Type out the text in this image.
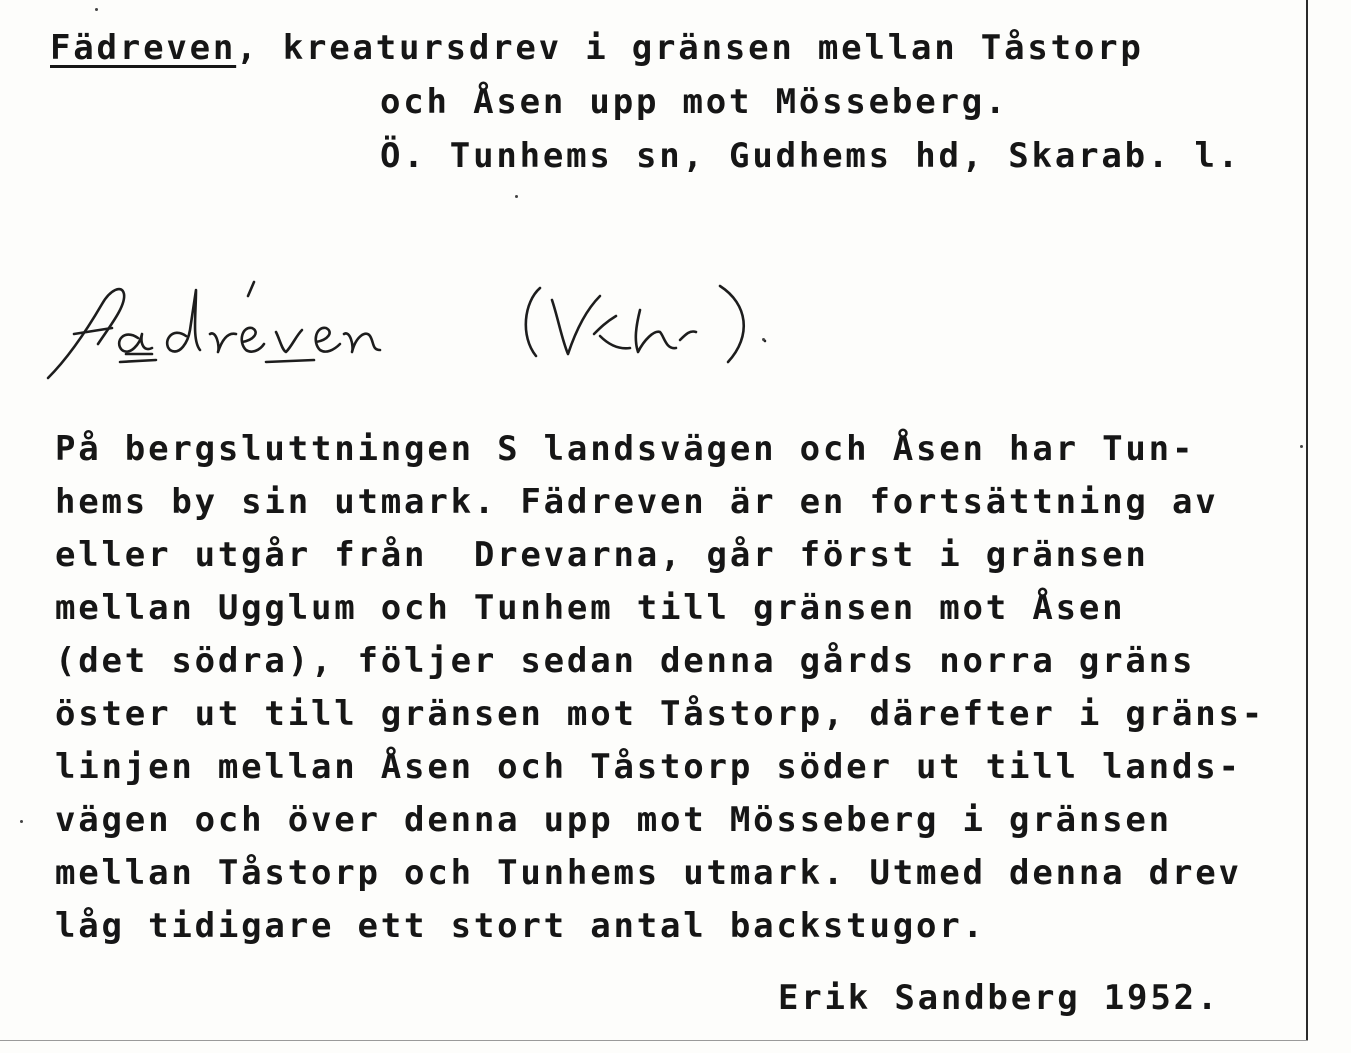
Fädreven, kreatursdrev i gränsen mellan Tåstorp
och Åsen upp mot Mösseberg.
Ö. Tunhems sn, Gudhems hd, Skarab. l.
På bergsluttningen S landsvägen och Åsen har Tun-
hems by sin utmark. Fädreven är en fortsättning av
eller utgår från  Drevarna, går först i gränsen
mellan Ugglum och Tunhem till gränsen mot Åsen
(det södra), följer sedan denna gårds norra gräns
öster ut till gränsen mot Tåstorp, därefter i gräns-
linjen mellan Åsen och Tåstorp söder ut till lands-
vägen och över denna upp mot Mösseberg i gränsen
mellan Tåstorp och Tunhems utmark. Utmed denna drev
låg tidigare ett stort antal backstugor.
Erik Sandberg 1952.
